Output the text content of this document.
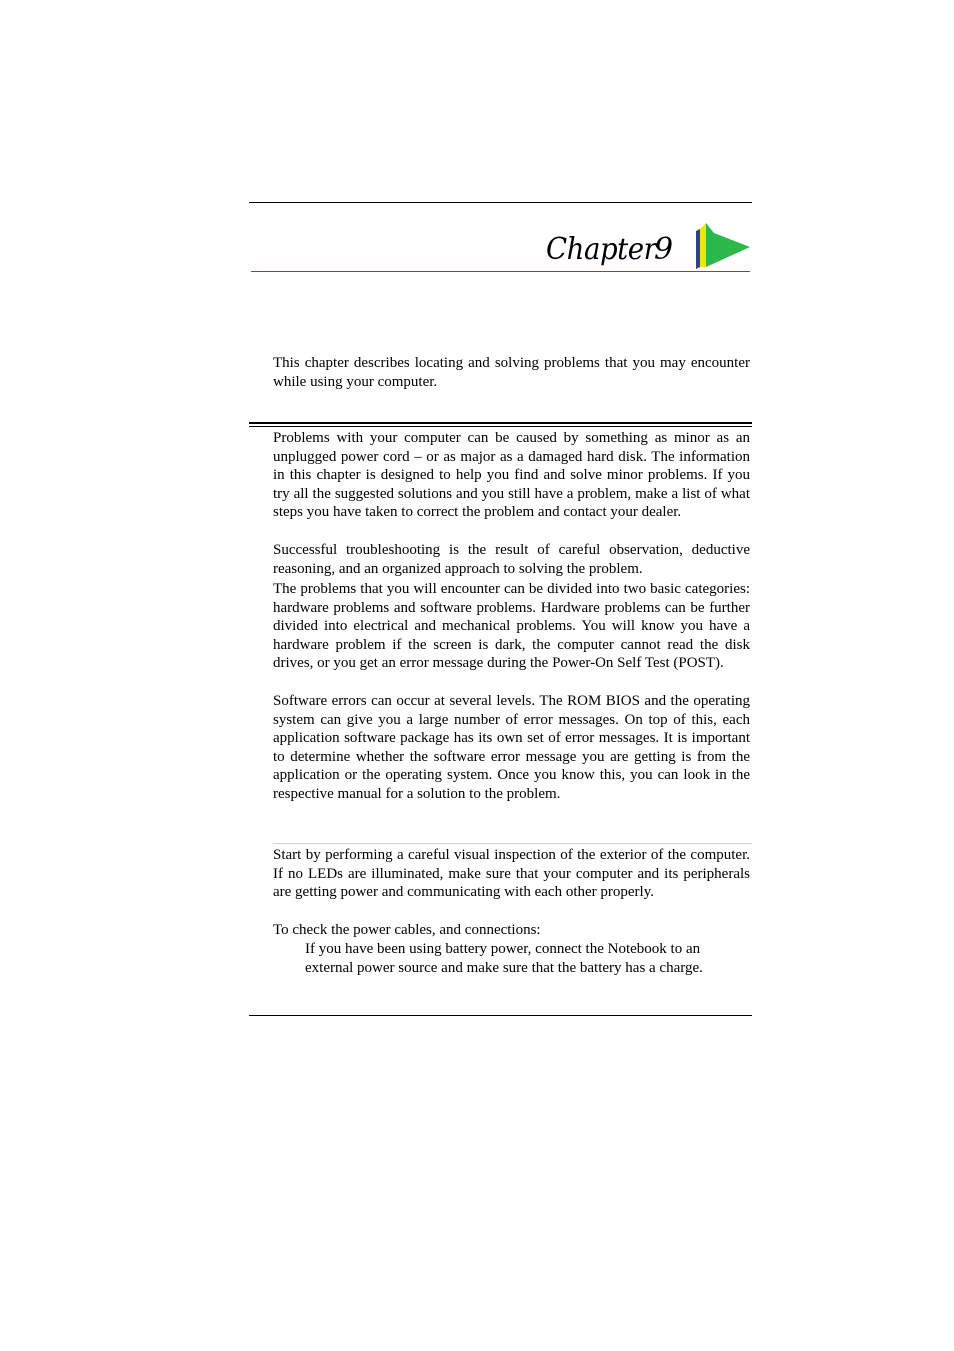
Chapter
9

This chapter describes locating and solving problems that you may encounter while using your computer.

Problems with your computer can be caused by something as minor as an unplugged power cord – or as major as a damaged hard disk. The information in this chapter is designed to help you find and solve minor problems. If you try all the suggested solutions and you still have a problem, make a list of what steps you have taken to correct the problem and contact your dealer.

Successful troubleshooting is the result of careful observation, deductive reasoning, and an organized approach to solving the problem.

The problems that you will encounter can be divided into two basic categories: hardware problems and software problems. Hardware problems can be further divided into electrical and mechanical problems. You will know you have a hardware problem if the screen is dark, the computer cannot read the disk drives, or you get an error message during the Power-On Self Test (POST).

Software errors can occur at several levels. The ROM BIOS and the operating system can give you a large number of error messages. On top of this, each application software package has its own set of error messages. It is important to determine whether the software error message you are getting is from the application or the operating system. Once you know this, you can look in the respective manual for a solution to the problem.

Start by performing a careful visual inspection of the exterior of the computer. If no LEDs are illuminated, make sure that your computer and its peripherals are getting power and communicating with each other properly.

To check the power cables, and connections:

If you have been using battery power, connect the Notebook to an external power source and make sure that the battery has a charge.
